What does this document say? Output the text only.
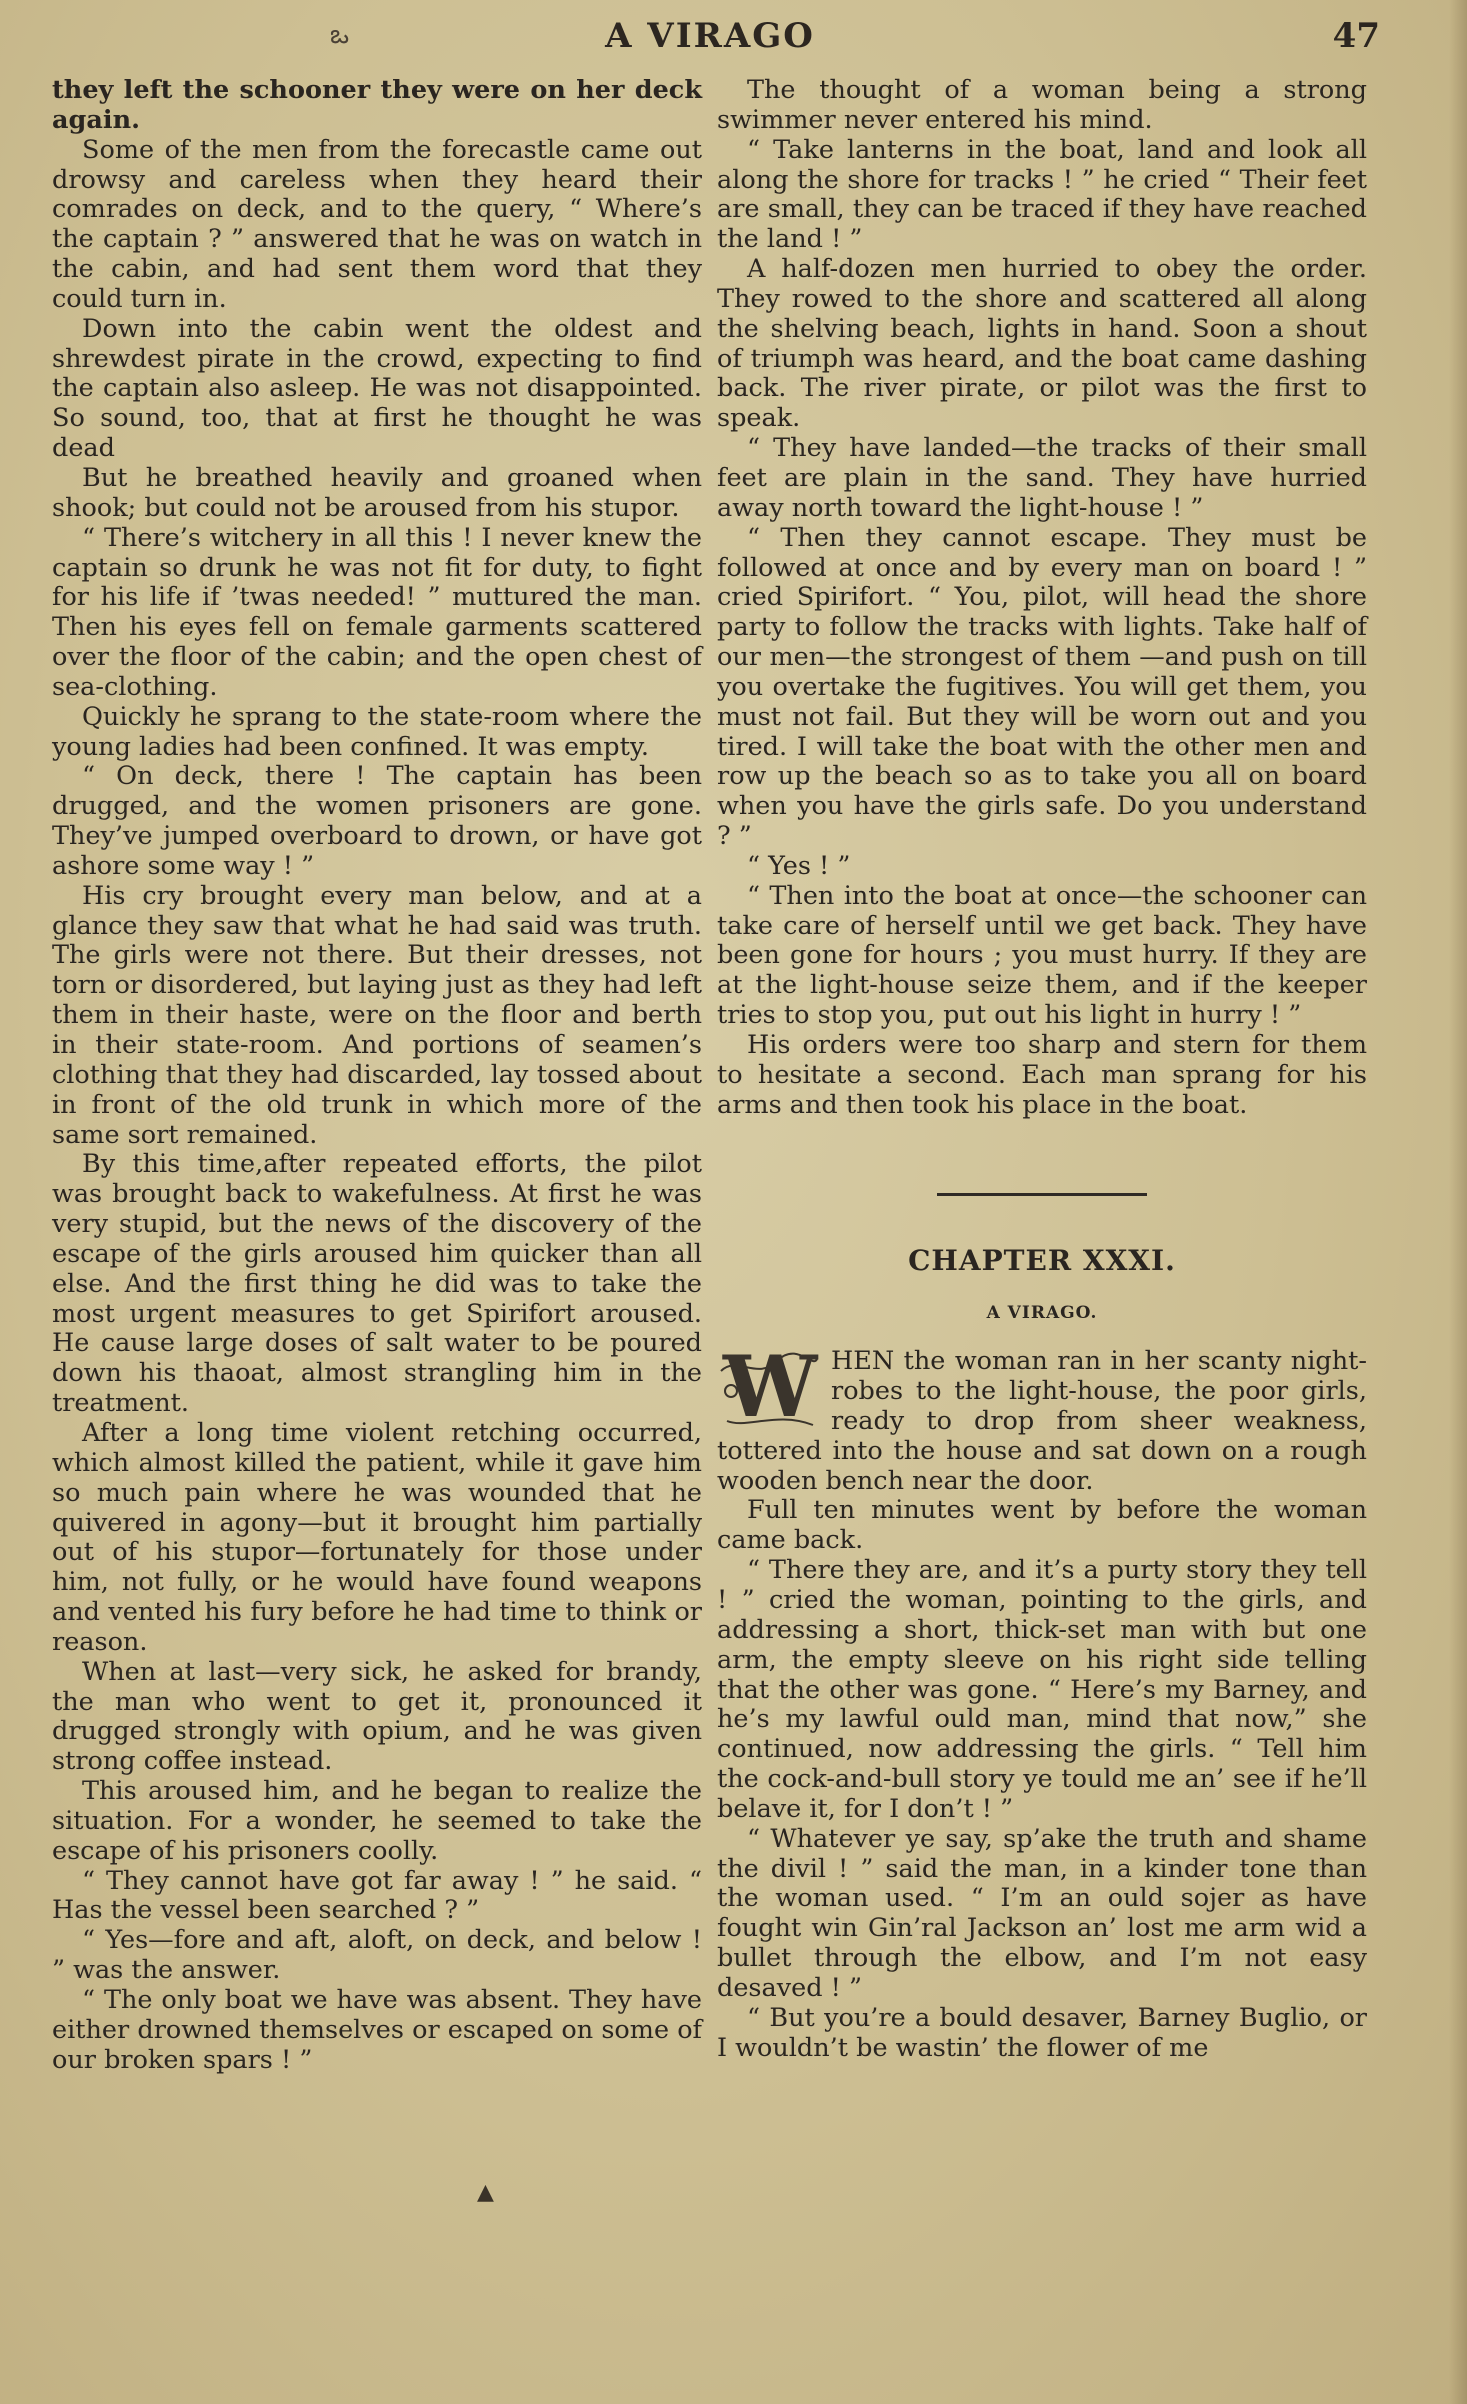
ఒ	A VIRAGO	47

they left the schooner they were on her deck again.

Some of the men from the forecastle came out drowsy and careless when they heard their comrades on deck, and to the query, “ Where’s the captain ? ” answered that he was on watch in the cabin, and had sent them word that they could turn in.

Down into the cabin went the oldest and shrewdest pirate in the crowd, expecting to find the captain also asleep. He was not disappointed. So sound, too, that at first he thought he was dead

But he breathed heavily and groaned when shook; but could not be aroused from his stupor.

“ There’s witchery in all this ! I never knew the captain so drunk he was not fit for duty, to fight for his life if ’twas needed! ” muttured the man. Then his eyes fell on female garments scattered over the floor of the cabin; and the open chest of sea-clothing.

Quickly he sprang to the state-room where the young ladies had been confined. It was empty.

“ On deck, there ! The captain has been drugged, and the women prisoners are gone. They’ve jumped overboard to drown, or have got ashore some way ! ”

His cry brought every man below, and at a glance they saw that what he had said was truth. The girls were not there. But their dresses, not torn or disordered, but laying just as they had left them in their haste, were on the floor and berth in their state-room. And portions of seamen’s clothing that they had discarded, lay tossed about in front of the old trunk in which more of the same sort remained.

By this time,after repeated efforts, the pilot was brought back to wakefulness. At first he was very stupid, but the news of the discovery of the escape of the girls aroused him quicker than all else. And the first thing he did was to take the most urgent measures to get Spirifort aroused. He cause large doses of salt water to be poured down his thaoat, almost strangling him in the treatment.

After a long time violent retching occurred, which almost killed the patient, while it gave him so much pain where he was wounded that he quivered in agony—but it brought him partially out of his stupor—fortunately for those under him, not fully, or he would have found weapons and vented his fury before he had time to think or reason.

When at last—very sick, he asked for brandy, the man who went to get it, pronounced it drugged strongly with opium, and he was given strong coffee instead.

This aroused him, and he began to realize the situation. For a wonder, he seemed to take the escape of his prisoners coolly.

“ They cannot have got far away ! ” he said. “ Has the vessel been searched ? ”

“ Yes—fore and aft, aloft, on deck, and below ! ” was the answer.

“ The only boat we have was absent. They have either drowned themselves or escaped on some of our broken spars ! ”

The thought of a woman being a strong swimmer never entered his mind.

“ Take lanterns in the boat, land and look all along the shore for tracks ! ” he cried “ Their feet are small, they can be traced if they have reached the land ! ”

A half-dozen men hurried to obey the order. They rowed to the shore and scattered all along the shelving beach, lights in hand. Soon a shout of triumph was heard, and the boat came dashing back. The river pirate, or pilot was the first to speak.

“ They have landed—the tracks of their small feet are plain in the sand. They have hurried away north toward the light-house ! ”

“ Then they cannot escape. They must be followed at once and by every man on board ! ” cried Spirifort. “ You, pilot, will head the shore party to follow the tracks with lights. Take half of our men—the strongest of them —and push on till you overtake the fugitives. You will get them, you must not fail. But they will be worn out and you tired. I will take the boat with the other men and row up the beach so as to take you all on board when you have the girls safe. Do you understand ? ”

“ Yes ! ”

“ Then into the boat at once—the schooner can take care of herself until we get back. They have been gone for hours ; you must hurry. If they are at the light-house seize them, and if the keeper tries to stop you, put out his light in hurry ! ”

His orders were too sharp and stern for them to hesitate a second. Each man sprang for his arms and then took his place in the boat.

CHAPTER XXXI.
A VIRAGO.

W HEN the woman ran in her scanty night-robes to the light-house, the poor girls, ready to drop from sheer weakness, tottered into the house and sat down on a rough wooden bench near the door.

Full ten minutes went by before the woman came back.

“ There they are, and it’s a purty story they tell ! ” cried the woman, pointing to the girls, and addressing a short, thick-set man with but one arm, the empty sleeve on his right side telling that the other was gone. “ Here’s my Barney, and he’s my lawful ould man, mind that now,” she continued, now addressing the girls. “ Tell him the cock-and-bull story ye tould me an’ see if he’ll belave it, for I don’t ! ”

“ Whatever ye say, sp’ake the truth and shame the divil ! ” said the man, in a kinder tone than the woman used. “ I’m an ould sojer as have fought win Gin’ral Jackson an’ lost me arm wid a bullet through the elbow, and I’m not easy desaved ! ”

“ But you’re a bould desaver, Barney Buglio, or I wouldn’t be wastin’ the flower of me

▲
